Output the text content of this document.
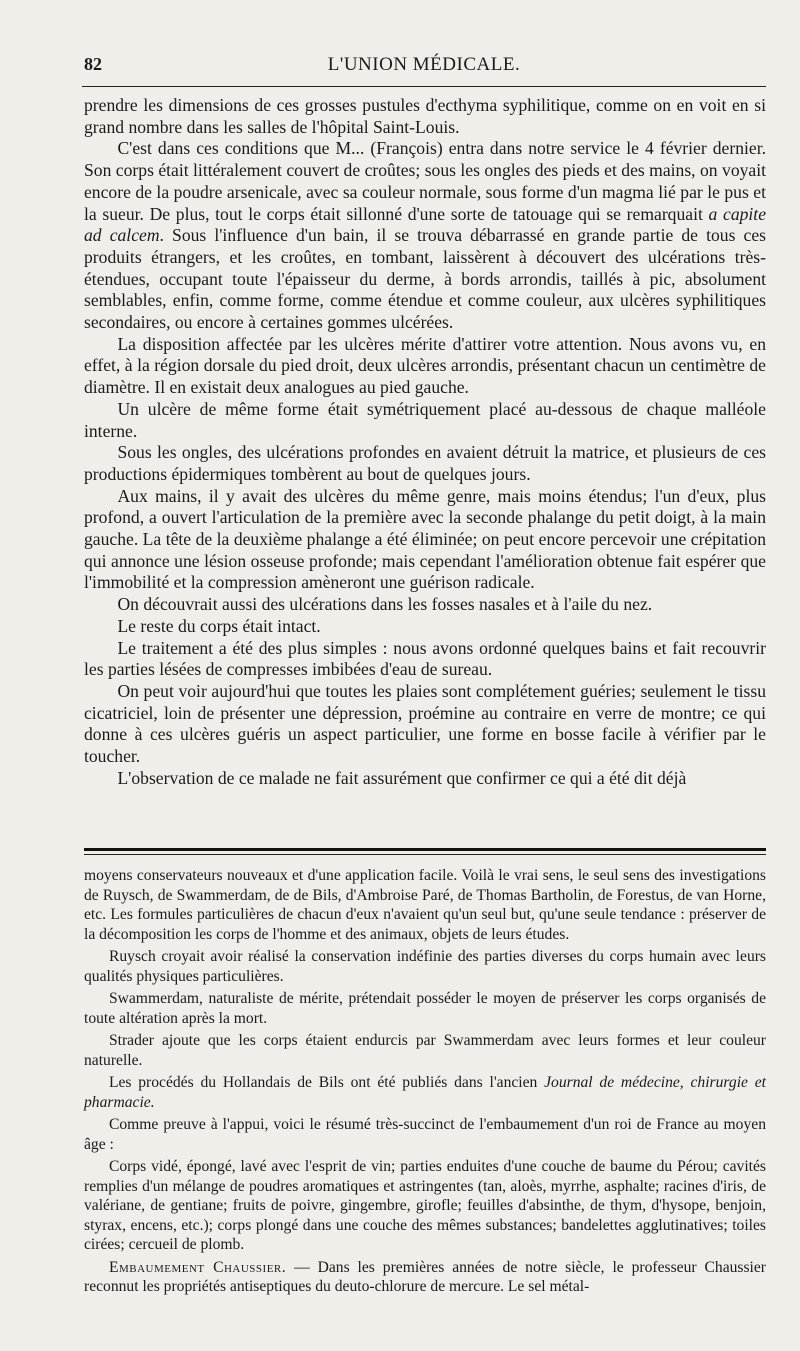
82	L'UNION MÉDICALE.

prendre les dimensions de ces grosses pustules d'ecthyma syphilitique, comme on en voit en si grand nombre dans les salles de l'hôpital Saint-Louis.

C'est dans ces conditions que M... (François) entra dans notre service le 4 février dernier. Son corps était littéralement couvert de croûtes; sous les ongles des pieds et des mains, on voyait encore de la poudre arsenicale, avec sa couleur normale, sous forme d'un magma lié par le pus et la sueur. De plus, tout le corps était sillonné d'une sorte de tatouage qui se remarquait a capite ad calcem. Sous l'influence d'un bain, il se trouva débarrassé en grande partie de tous ces produits étrangers, et les croûtes, en tombant, laissèrent à découvert des ulcérations très-étendues, occupant toute l'épaisseur du derme, à bords arrondis, taillés à pic, absolument semblables, enfin, comme forme, comme étendue et comme couleur, aux ulcères syphilitiques secondaires, ou encore à certaines gommes ulcérées.

La disposition affectée par les ulcères mérite d'attirer votre attention. Nous avons vu, en effet, à la région dorsale du pied droit, deux ulcères arrondis, présentant chacun un centimètre de diamètre. Il en existait deux analogues au pied gauche.

Un ulcère de même forme était symétriquement placé au-dessous de chaque malléole interne.

Sous les ongles, des ulcérations profondes en avaient détruit la matrice, et plusieurs de ces productions épidermiques tombèrent au bout de quelques jours.

Aux mains, il y avait des ulcères du même genre, mais moins étendus; l'un d'eux, plus profond, a ouvert l'articulation de la première avec la seconde phalange du petit doigt, à la main gauche. La tête de la deuxième phalange a été éliminée; on peut encore percevoir une crépitation qui annonce une lésion osseuse profonde; mais cependant l'amélioration obtenue fait espérer que l'immobilité et la compression amèneront une guérison radicale.

On découvrait aussi des ulcérations dans les fosses nasales et à l'aile du nez.

Le reste du corps était intact.

Le traitement a été des plus simples : nous avons ordonné quelques bains et fait recouvrir les parties lésées de compresses imbibées d'eau de sureau.

On peut voir aujourd'hui que toutes les plaies sont complétement guéries; seulement le tissu cicatriciel, loin de présenter une dépression, proémine au contraire en verre de montre; ce qui donne à ces ulcères guéris un aspect particulier, une forme en bosse facile à vérifier par le toucher.

L'observation de ce malade ne fait assurément que confirmer ce qui a été dit déjà

moyens conservateurs nouveaux et d'une application facile. Voilà le vrai sens, le seul sens des investigations de Ruysch, de Swammerdam, de de Bils, d'Ambroise Paré, de Thomas Bartholin, de Forestus, de van Horne, etc. Les formules particulières de chacun d'eux n'avaient qu'un seul but, qu'une seule tendance : préserver de la décomposition les corps de l'homme et des animaux, objets de leurs études.

Ruysch croyait avoir réalisé la conservation indéfinie des parties diverses du corps humain avec leurs qualités physiques particulières.

Swammerdam, naturaliste de mérite, prétendait posséder le moyen de préserver les corps organisés de toute altération après la mort.

Strader ajoute que les corps étaient endurcis par Swammerdam avec leurs formes et leur couleur naturelle.

Les procédés du Hollandais de Bils ont été publiés dans l'ancien Journal de médecine, chirurgie et pharmacie.

Comme preuve à l'appui, voici le résumé très-succinct de l'embaumement d'un roi de France au moyen âge :

Corps vidé, épongé, lavé avec l'esprit de vin; parties enduites d'une couche de baume du Pérou; cavités remplies d'un mélange de poudres aromatiques et astringentes (tan, aloès, myrrhe, asphalte; racines d'iris, de valériane, de gentiane; fruits de poivre, gingembre, girofle; feuilles d'absinthe, de thym, d'hysope, benjoin, styrax, encens, etc.); corps plongé dans une couche des mêmes substances; bandelettes agglutinatives; toiles cirées; cercueil de plomb.

Embaumement Chaussier. — Dans les premières années de notre siècle, le professeur Chaussier reconnut les propriétés antiseptiques du deuto-chlorure de mercure. Le sel métal-
